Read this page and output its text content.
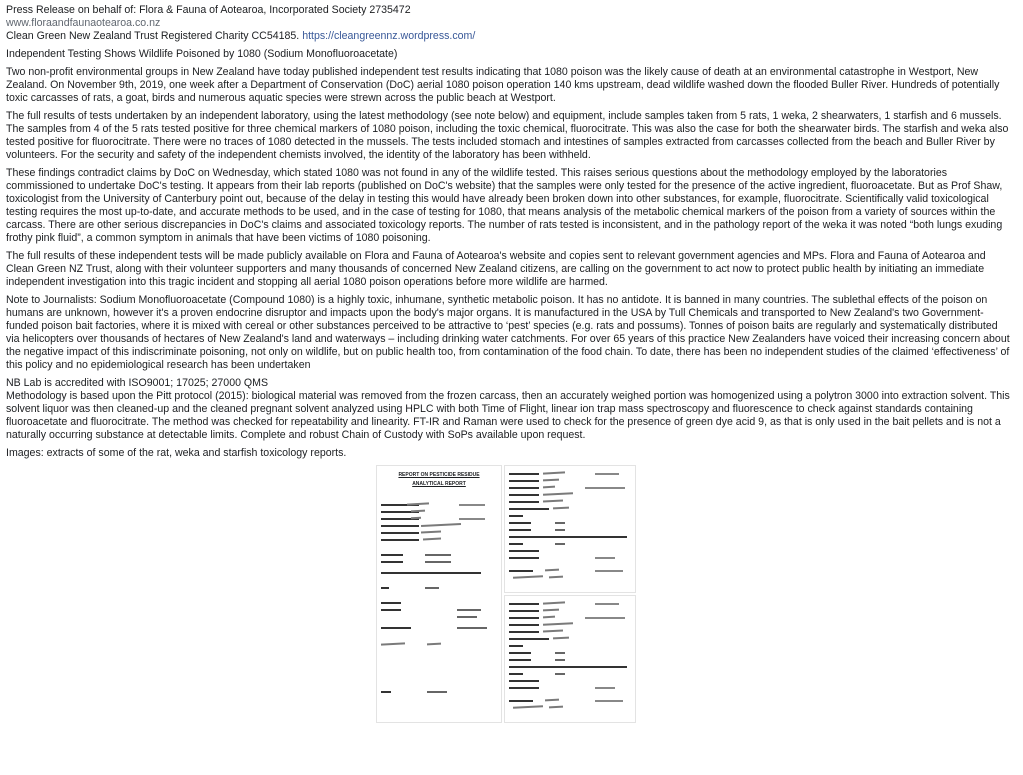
Press Release on behalf of: Flora & Fauna of Aotearoa, Incorporated Society 2735472

www.floraandfaunaotearoa.co.nz

Clean Green New Zealand Trust Registered Charity CC54185. https://cleangreennz.wordpress.com/

Independent Testing Shows Wildlife Poisoned by 1080 (Sodium Monofluoroacetate)

Two non-profit environmental groups in New Zealand have today published independent test results indicating that 1080 poison was the likely cause of death at an environmental catastrophe in Westport, New Zealand. On November 9th, 2019, one week after a Department of Conservation (DoC) aerial 1080 poison operation 140 kms upstream, dead wildlife washed down the flooded Buller River. Hundreds of potentially toxic carcasses of rats, a goat, birds and numerous aquatic species were strewn across the public beach at Westport.

The full results of tests undertaken by an independent laboratory, using the latest methodology (see note below) and equipment, include samples taken from 5 rats, 1 weka, 2 shearwaters, 1 starfish and 6 mussels. The samples from 4 of the 5 rats tested positive for three chemical markers of 1080 poison, including the toxic chemical, fluorocitrate. This was also the case for both the shearwater birds. The starfish and weka also tested positive for fluorocitrate. There were no traces of 1080 detected in the mussels. The tests included stomach and intestines of samples extracted from carcasses collected from the beach and Buller River by volunteers. For the security and safety of the independent chemists involved, the identity of the laboratory has been withheld.

These findings contradict claims by DoC on Wednesday, which stated 1080 was not found in any of the wildlife tested. This raises serious questions about the methodology employed by the laboratories commissioned to undertake DoC's testing. It appears from their lab reports (published on DoC's website) that the samples were only tested for the presence of the active ingredient, fluoroacetate. But as Prof Shaw, toxicologist from the University of Canterbury point out, because of the delay in testing this would have already been broken down into other substances, for example, fluorocitrate. Scientifically valid toxicological testing requires the most up-to-date, and accurate methods to be used, and in the case of testing for 1080, that means analysis of the metabolic chemical markers of the poison from a variety of sources within the carcass. There are other serious discrepancies in DoC's claims and associated toxicology reports. The number of rats tested is inconsistent, and in the pathology report of the weka it was noted “both lungs exuding frothy pink fluid”, a common symptom in animals that have been victims of 1080 poisoning.

The full results of these independent tests will be made publicly available on Flora and Fauna of Aotearoa's website and copies sent to relevant government agencies and MPs. Flora and Fauna of Aotearoa and Clean Green NZ Trust, along with their volunteer supporters and many thousands of concerned New Zealand citizens, are calling on the government to act now to protect public health by initiating an immediate independent investigation into this tragic incident and stopping all aerial 1080 poison operations before more wildlife are harmed.

Note to Journalists: Sodium Monofluoroacetate (Compound 1080) is a highly toxic, inhumane, synthetic metabolic poison. It has no antidote. It is banned in many countries. The sublethal effects of the poison on humans are unknown, however it's a proven endocrine disruptor and impacts upon the body's major organs. It is manufactured in the USA by Tull Chemicals and transported to New Zealand's two Government-funded poison bait factories, where it is mixed with cereal or other substances perceived to be attractive to ‘pest’ species (e.g. rats and possums). Tonnes of poison baits are regularly and systematically distributed via helicopters over thousands of hectares of New Zealand's land and waterways – including drinking water catchments. For over 65 years of this practice New Zealanders have voiced their increasing concern about the negative impact of this indiscriminate poisoning, not only on wildlife, but on public health too, from contamination of the food chain. To date, there has been no independent studies of the claimed ‘effectiveness’ of this policy and no epidemiological research has been undertaken

NB Lab is accredited with ISO9001; 17025; 27000 QMS

Methodology is based upon the Pitt protocol (2015): biological material was removed from the frozen carcass, then an accurately weighed portion was homogenized using a polytron 3000 into extraction solvent. This solvent liquor was then cleaned-up and the cleaned pregnant solvent analyzed using HPLC with both Time of Flight, linear ion trap mass spectroscopy and fluorescence to check against standards containing fluoroacetate and fluorocitrate. The method was checked for repeatability and linearity. FT-IR and Raman were used to check for the presence of green dye acid 9, as that is only used in the bait pellets and is not a naturally occurring substance at detectable limits. Complete and robust Chain of Custody with SoPs available upon request.

Images: extracts of some of the rat, weka and starfish toxicology reports.

REPORT ON PESTICIDE RESIDUE
ANALYTICAL REPORT
